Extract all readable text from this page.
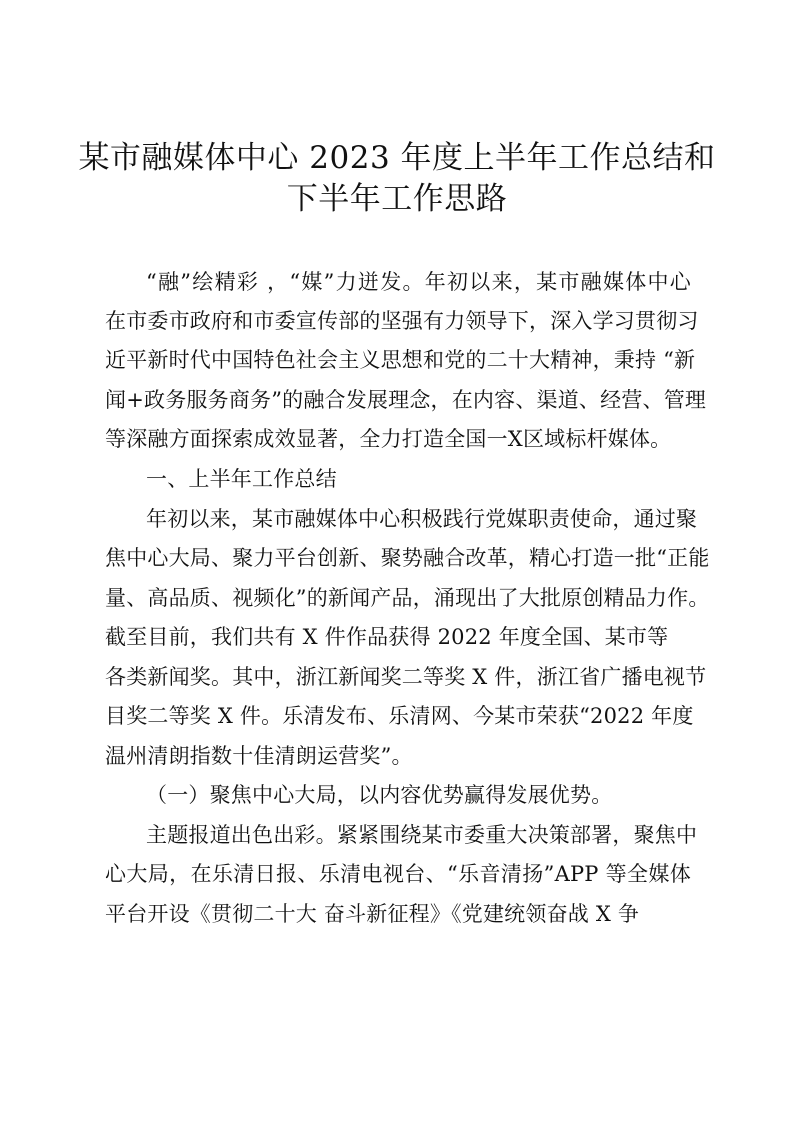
某市融媒体中心 2023 年度上半年工作总结和
下半年工作思路
“融”绘精彩 ，“媒”力迸发。年初以来，某市融媒体中心
在市委市政府和市委宣传部的坚强有力领导下，深入学习贯彻习
近平新时代中国特色社会主义思想和党的二十大精神，秉持 “新
闻+政务服务商务”的融合发展理念，在内容、渠道、经营、管理
等深融方面探索成效显著，全力打造全国一X区域标杆媒体。
一、上半年工作总结
年初以来，某市融媒体中心积极践行党媒职责使命，通过聚
焦中心大局、聚力平台创新、聚势融合改革，精心打造一批“正能
量、高品质、视频化”的新闻产品，涌现出了大批原创精品力作。
截至目前，我们共有 X 件作品获得 2022 年度全国、某市等
各类新闻奖。其中，浙江新闻奖二等奖 X 件，浙江省广播电视节
目奖二等奖 X 件。乐清发布、乐清网、今某市荣获“2022 年度
温州清朗指数十佳清朗运营奖”。
（一）聚焦中心大局，以内容优势赢得发展优势。
主题报道出色出彩。紧紧围绕某市委重大决策部署，聚焦中
心大局，在乐清日报、乐清电视台、“乐音清扬”APP 等全媒体
平台开设《贯彻二十大 奋斗新征程》《党建统领奋战 X 争
